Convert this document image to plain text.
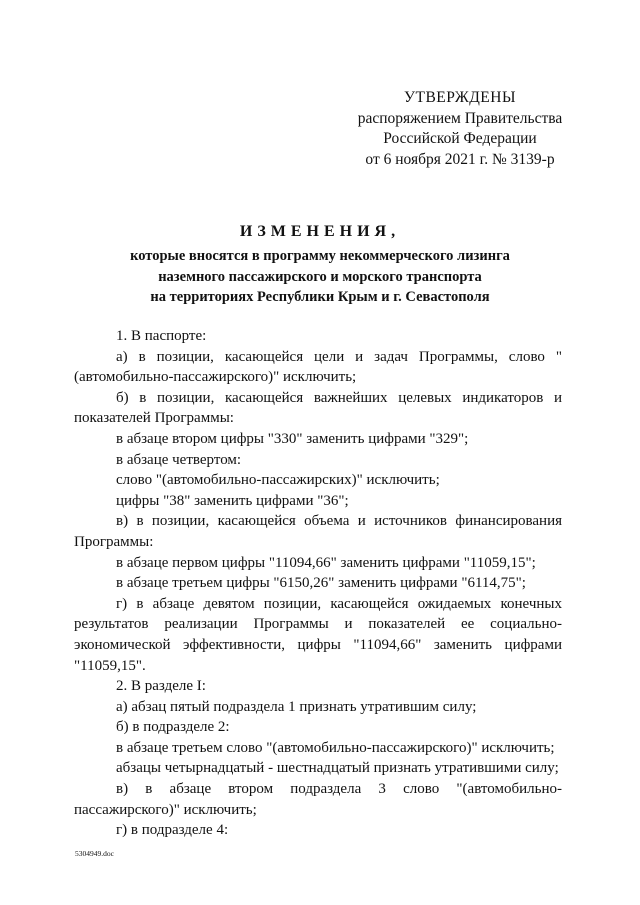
УТВЕРЖДЕНЫ
распоряжением Правительства
Российской Федерации
от 6 ноября 2021 г. № 3139-р
ИЗМЕНЕНИЯ,
которые вносятся в программу некоммерческого лизинга
наземного пассажирского и морского транспорта
на территориях Республики Крым и г. Севастополя

1. В паспорте:

а) в позиции, касающейся цели и задач Программы, слово "(автомобильно-пассажирского)" исключить;

б) в позиции, касающейся важнейших целевых индикаторов и показателей Программы:

в абзаце втором цифры "330" заменить цифрами "329";

в абзаце четвертом:

слово "(автомобильно-пассажирских)" исключить;

цифры "38" заменить цифрами "36";

в) в позиции, касающейся объема и источников финансирования Программы:

в абзаце первом цифры "11094,66" заменить цифрами "11059,15";

в абзаце третьем цифры "6150,26" заменить цифрами "6114,75";

г) в абзаце девятом позиции, касающейся ожидаемых конечных результатов реализации Программы и показателей ее социально-экономической эффективности, цифры "11094,66" заменить цифрами "11059,15".

2. В разделе I:

а) абзац пятый подраздела 1 признать утратившим силу;

б) в подразделе 2:

в абзаце третьем слово "(автомобильно-пассажирского)" исключить;

абзацы четырнадцатый - шестнадцатый признать утратившими силу;

в) в абзаце втором подраздела 3 слово "(автомобильно-пассажирского)" исключить;

г) в подразделе 4:

5304949.doc
